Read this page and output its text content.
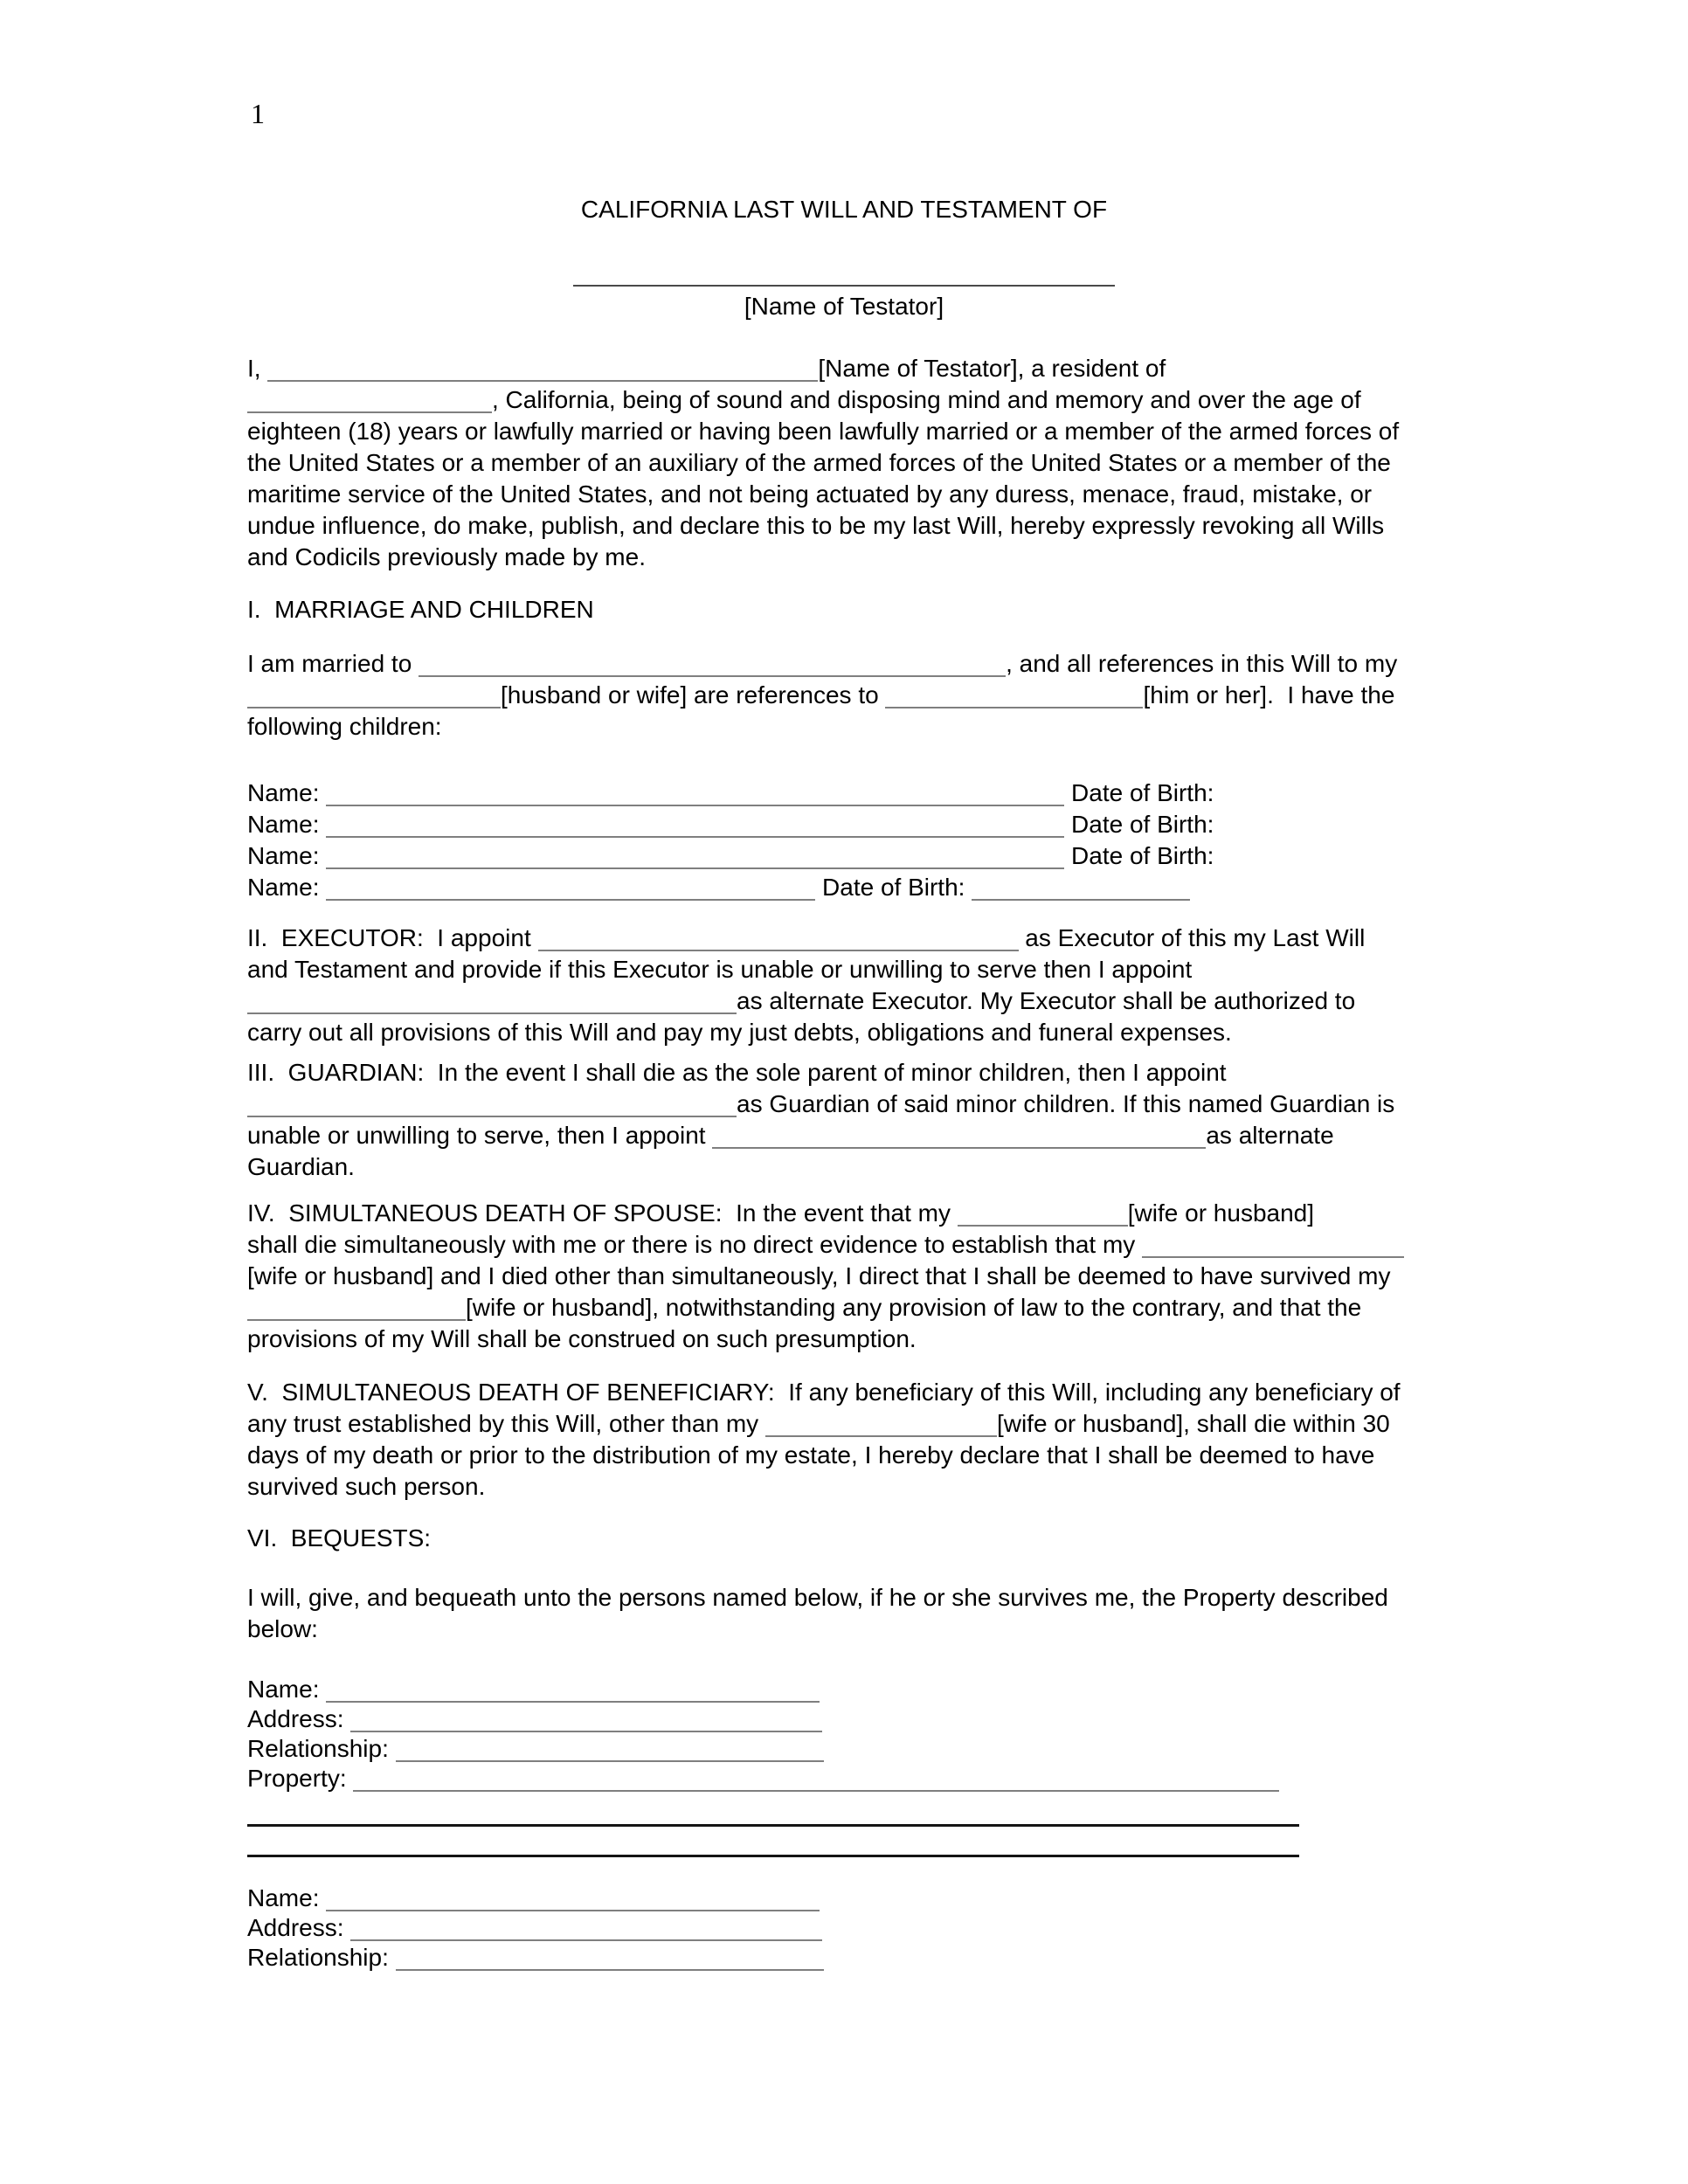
1
CALIFORNIA LAST WILL AND TESTAMENT OF
[Name of Testator]
I,	[Name of Testator], a resident of
, California, being of sound and disposing mind and memory and over the age of
eighteen (18) years or lawfully married or having been lawfully married or a member of the armed forces of
the United States or a member of an auxiliary of the armed forces of the United States or a member of the
maritime service of the United States, and not being actuated by any duress, menace, fraud, mistake, or
undue influence, do make, publish, and declare this to be my last Will, hereby expressly revoking all Wills
and Codicils previously made by me.
I.  MARRIAGE AND CHILDREN
I am married to	, and all references in this Will to my
[husband or wife] are references to	[him or her].  I have the
following children:
Name:	Date of Birth:
Name:	Date of Birth:
Name:	Date of Birth:
Name:	Date of Birth:
II.  EXECUTOR:  I appoint	as Executor of this my Last Will
and Testament and provide if this Executor is unable or unwilling to serve then I appoint
as alternate Executor. My Executor shall be authorized to
carry out all provisions of this Will and pay my just debts, obligations and funeral expenses.
III.  GUARDIAN:  In the event I shall die as the sole parent of minor children, then I appoint
as Guardian of said minor children. If this named Guardian is
unable or unwilling to serve, then I appoint	as alternate
Guardian.
IV.  SIMULTANEOUS DEATH OF SPOUSE:  In the event that my	[wife or husband]
shall die simultaneously with me or there is no direct evidence to establish that my
[wife or husband] and I died other than simultaneously, I direct that I shall be deemed to have survived my
[wife or husband], notwithstanding any provision of law to the contrary, and that the
provisions of my Will shall be construed on such presumption.
V.  SIMULTANEOUS DEATH OF BENEFICIARY:  If any beneficiary of this Will, including any beneficiary of
any trust established by this Will, other than my	[wife or husband], shall die within 30
days of my death or prior to the distribution of my estate, I hereby declare that I shall be deemed to have
survived such person.
VI.  BEQUESTS:
I will, give, and bequeath unto the persons named below, if he or she survives me, the Property described
below:
Name:
Address:
Relationship:
Property:
Name:
Address:
Relationship:
